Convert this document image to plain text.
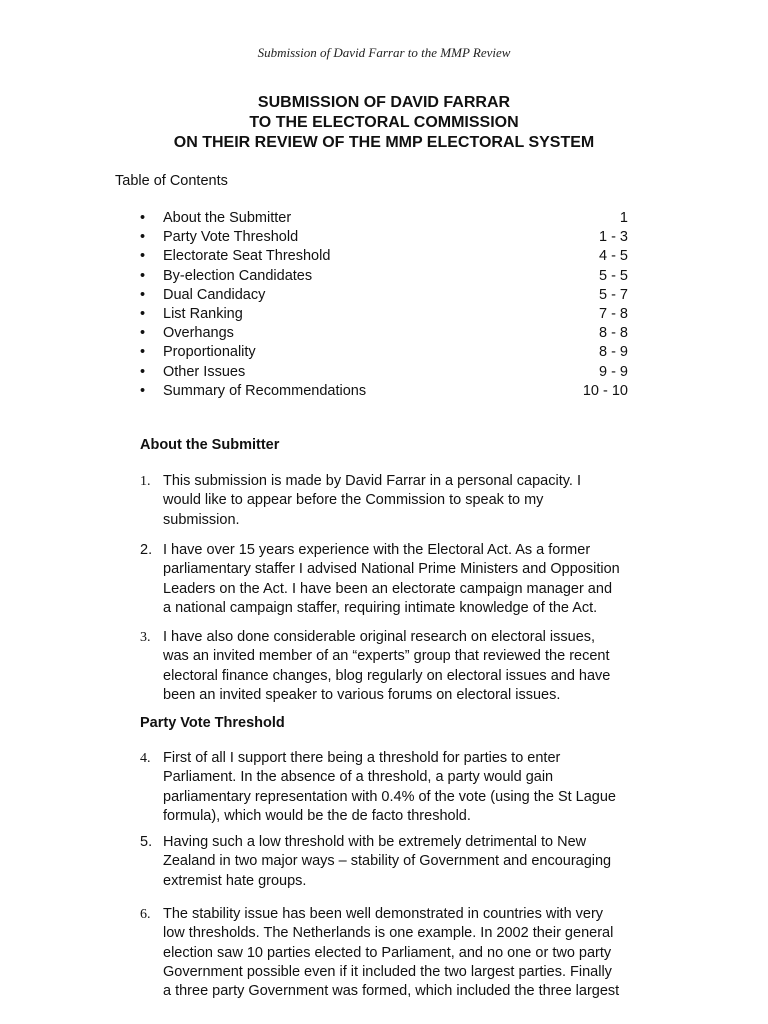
Submission of David Farrar to the MMP Review
SUBMISSION OF DAVID FARRAR
TO THE ELECTORAL COMMISSION
ON THEIR REVIEW OF THE MMP ELECTORAL SYSTEM
Table of Contents
• About the Submitter	1
• Party Vote Threshold	1 - 3
• Electorate Seat Threshold	4 - 5
• By-election Candidates	5 - 5
• Dual Candidacy	5 - 7
• List Ranking	7 - 8
• Overhangs	8 - 8
• Proportionality	8 - 9
• Other Issues	9 - 9
• Summary of Recommendations	10 - 10
About the Submitter
1. This submission is made by David Farrar in a personal capacity. I
would like to appear before the Commission to speak to my
submission.
2. I have over 15 years experience with the Electoral Act. As a former
parliamentary staffer I advised National Prime Ministers and Opposition
Leaders on the Act. I have been an electorate campaign manager and
a national campaign staffer, requiring intimate knowledge of the Act.
3. I have also done considerable original research on electoral issues,
was an invited member of an “experts” group that reviewed the recent
electoral finance changes, blog regularly on electoral issues and have
been an invited speaker to various forums on electoral issues.
Party Vote Threshold
4. First of all I support there being a threshold for parties to enter
Parliament. In the absence of a threshold, a party would gain
parliamentary representation with 0.4% of the vote (using the St Lague
formula), which would be the de facto threshold.
5. Having such a low threshold with be extremely detrimental to New
Zealand in two major ways – stability of Government and encouraging
extremist hate groups.
6. The stability issue has been well demonstrated in countries with very
low thresholds. The Netherlands is one example. In 2002 their general
election saw 10 parties elected to Parliament, and no one or two party
Government possible even if it included the two largest parties. Finally
a three party Government was formed, which included the three largest
